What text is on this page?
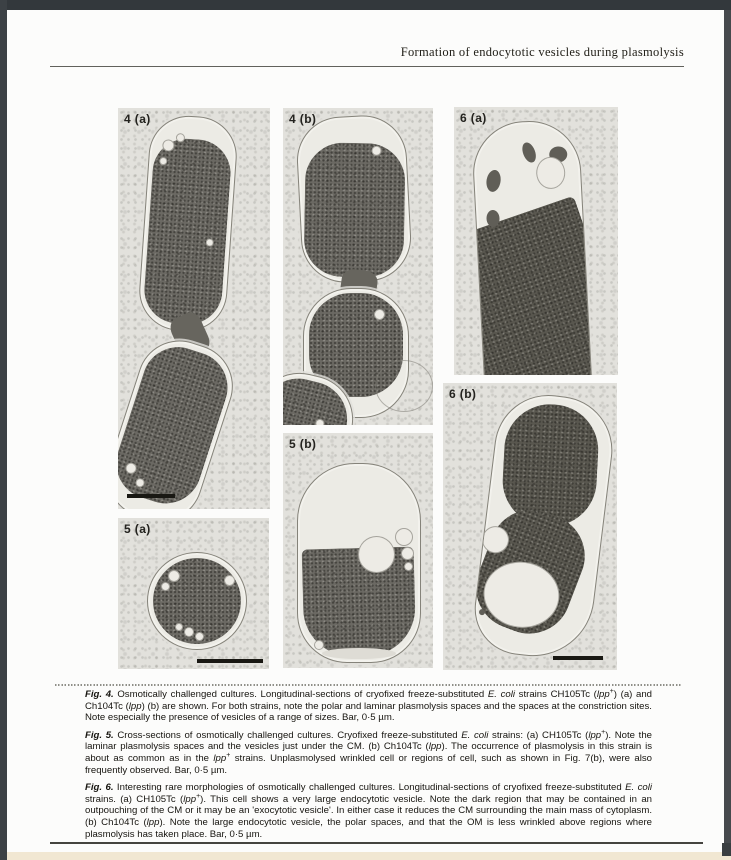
Formation of endocytotic vesicles during plasmolysis
4 (a)	4 (b)	6 (a)
5 (a)
5 (b)
6 (b)

Fig. 4. Osmotically challenged cultures. Longitudinal-sections of cryofixed freeze-substituted E. coli strains CH105Tc (lpp+) (a) and Ch104Tc (lpp) (b) are shown. For both strains, note the polar and laminar plasmolysis spaces and the spaces at the constriction sites. Note especially the presence of vesicles of a range of sizes. Bar, 0·5 µm.

Fig. 5. Cross-sections of osmotically challenged cultures. Cryofixed freeze-substituted E. coli strains: (a) CH105Tc (lpp+). Note the laminar plasmolysis spaces and the vesicles just under the CM. (b) Ch104Tc (lpp). The occurrence of plasmolysis in this strain is about as common as in the lpp+ strains. Unplasmolysed wrinkled cell or regions of cell, such as shown in Fig. 7(b), were also frequently observed. Bar, 0·5 µm.

Fig. 6. Interesting rare morphologies of osmotically challenged cultures. Longitudinal-sections of cryofixed freeze-substituted E. coli strains. (a) CH105Tc (lpp+). This cell shows a very large endocytotic vesicle. Note the dark region that may be contained in an outpouching of the CM or it may be an 'exocytotic vesicle'. In either case it reduces the CM surrounding the main mass of cytoplasm. (b) Ch104Tc (lpp). Note the large endocytotic vesicle, the polar spaces, and that the OM is less wrinkled above regions where plasmolysis has taken place. Bar, 0·5 µm.
